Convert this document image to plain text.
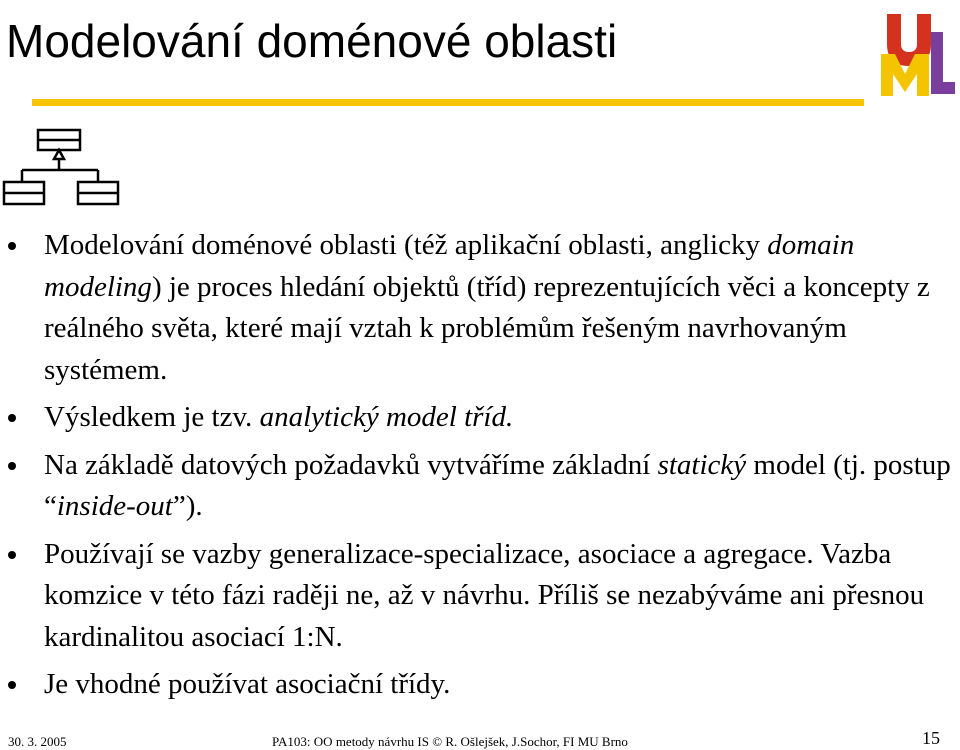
Modelování doménové oblasti
Modelování doménové oblasti (též aplikační oblasti, anglicky domain modeling) je proces hledání objektů (tříd) reprezentujících věci a koncepty z reálného světa, které mají vztah k problémům řešeným navrhovaným systémem.
Výsledkem je tzv. analytický model tříd.
Na základě datových požadavků vytváříme základní statický model (tj. postup “inside-out”).
Používají se vazby generalizace-specializace, asociace a agregace. Vazba komzice v této fázi raději ne, až v návrhu. Příliš se nezabýváme ani přesnou kardinalitou asociací 1:N.
Je vhodné používat asociační třídy.
30. 3. 2005	PA103: OO metody návrhu IS © R. Ošlejšek, J.Sochor, FI MU Brno	15
